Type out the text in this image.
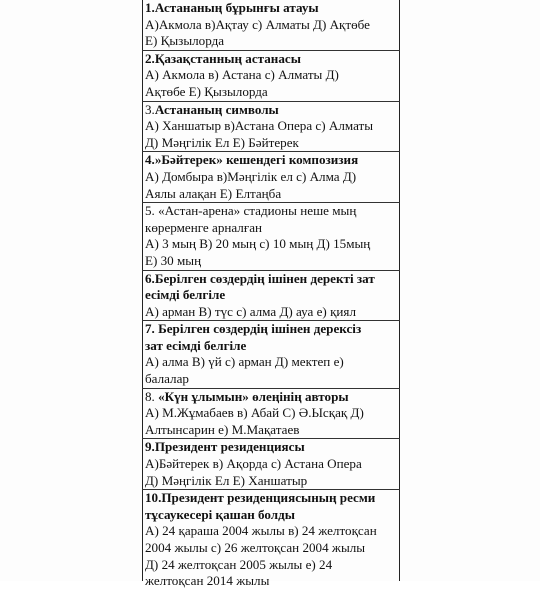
1.Астананың бұрынғы атауы
А)Акмола в)Ақтау с) Алматы Д) Ақтөбе
Е) Қызылорда
2.Қазақстанның астанасы
А) Акмола в) Астана с) Алматы Д)
Ақтөбе Е) Қызылорда
3.Астананың символы
А) Ханшатыр в)Астана Опера с) Алматы
Д) Мәңгілік Ел Е) Бәйтерек
4.»Бәйтерек» кешендегі композизия
А) Домбыра в)Мәңгілік ел с) Алма Д)
Аялы алақан Е) Елтаңба
5. «Астан-арена» стадионы неше мың
көрерменге арналған
А) 3 мың В) 20 мың с) 10 мың Д) 15мың
Е) 30 мың
6.Берілген сөздердің ішінен деректі зат
есімді белгіле
А) арман В) түс с) алма Д) ауа е) қиял
7. Берілген сөздердің ішінен дерексіз
зат есімді белгіле
А) алма В) үй с) арман Д) мектеп е)
балалар
8. «Күн ұлымын» өлеңінің авторы
А) М.Жұмабаев в) Абай С) Ә.Ысқақ Д)
Алтынсарин е) М.Мақатаев
9.Президент резиденциясы
А)Бәйтерек в) Ақорда с) Астана Опера
Д) Мәңгілік Ел Е) Ханшатыр
10.Президент резиденциясының ресми
тұсаукесері қашан болды
А) 24 қараша 2004 жылы в) 24 желтоқсан
2004 жылы с) 26 желтоқсан 2004 жылы
Д) 24 желтоқсан 2005 жылы е) 24
желтоқсан 2014 жылы
